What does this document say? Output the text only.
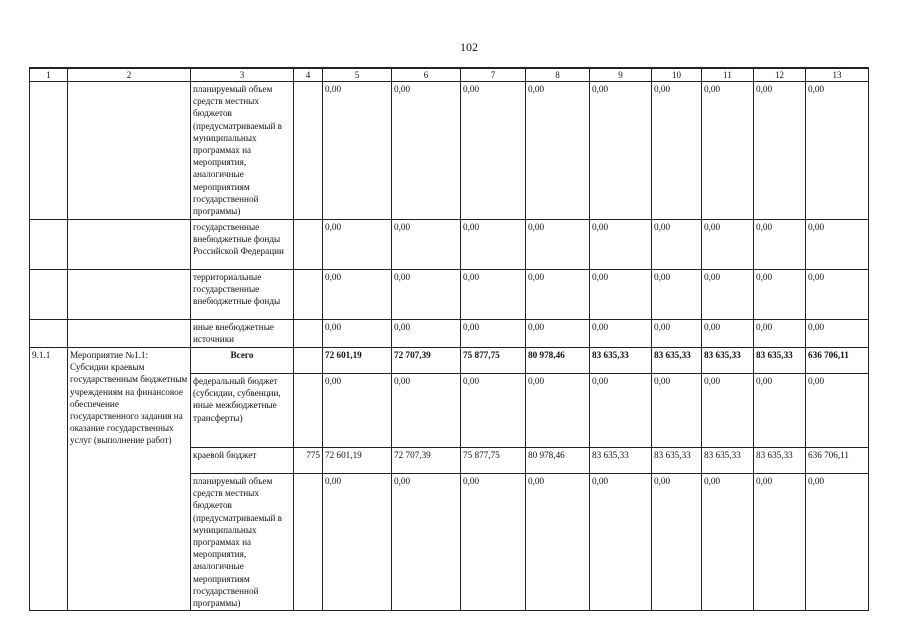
102
1	2	3	4	5	6	7	8	9	10	11	12	13
		планируемый объем средств местных бюджетов (предусматриваемый в муниципальных программах на мероприятия, аналогичные мероприятиям государственной программы)		0,00	0,00	0,00	0,00	0,00	0,00	0,00	0,00	0,00
		государственные внебюджетные фонды Российской Федерации		0,00	0,00	0,00	0,00	0,00	0,00	0,00	0,00	0,00
		территориальные государственные внебюджетные фонды		0,00	0,00	0,00	0,00	0,00	0,00	0,00	0,00	0,00
		иные внебюджетные источники		0,00	0,00	0,00	0,00	0,00	0,00	0,00	0,00	0,00
9.1.1	Мероприятие №1.1: Субсидии краевым государственным бюджетным учреждениям на финансовое обеспечение государственного задания на оказание государственных услуг (выполнение работ)	Всего		72 601,19	72 707,39	75 877,75	80 978,46	83 635,33	83 635,33	83 635,33	83 635,33	636 706,11
		федеральный бюджет (субсидии, субвенции, иные межбюджетные трансферты)		0,00	0,00	0,00	0,00	0,00	0,00	0,00	0,00	0,00
		краевой бюджет	775	72 601,19	72 707,39	75 877,75	80 978,46	83 635,33	83 635,33	83 635,33	83 635,33	636 706,11
		планируемый объем средств местных бюджетов (предусматриваемый в муниципальных программах на мероприятия, аналогичные мероприятиям государственной программы)		0,00	0,00	0,00	0,00	0,00	0,00	0,00	0,00	0,00
